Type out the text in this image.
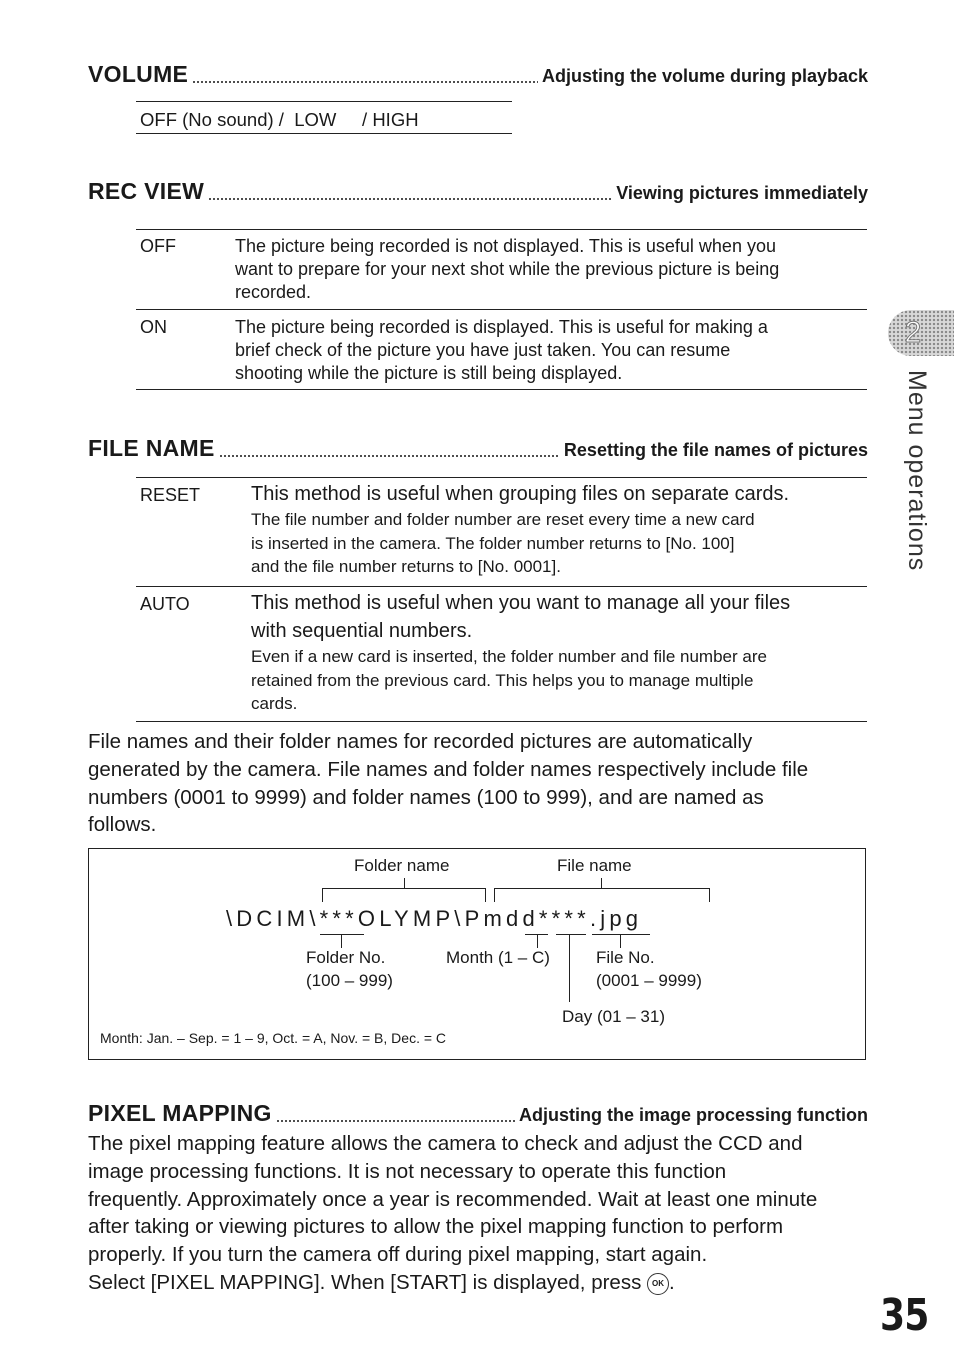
VOLUME	Adjusting the volume during playback
OFF (No sound) /  LOW     / HIGH
REC VIEW	Viewing pictures immediately
OFF	The picture being recorded is not displayed. This is useful when you
want to prepare for your next shot while the previous picture is being
recorded.
ON	The picture being recorded is displayed. This is useful for making a
brief check of the picture you have just taken. You can resume
shooting while the picture is still being displayed.
FILE NAME	Resetting the file names of pictures
RESET	This method is useful when grouping files on separate cards.
The file number and folder number are reset every time a new card
is inserted in the camera. The folder number returns to [No. 100]
and the file number returns to [No. 0001].
AUTO	This method is useful when you want to manage all your files
with sequential numbers.
Even if a new card is inserted, the folder number and file number are
retained from the previous card. This helps you to manage multiple
cards.
File names and their folder names for recorded pictures are automatically
generated by the camera. File names and folder names respectively include file
numbers (0001 to 9999) and folder names (100 to 999), and are named as
follows.
Folder name	File name
\DCIM\***OLYMP\Pmdd****.jpg
Folder No.
(100 – 999)
Month (1 – C)	File No.
(0001 – 9999)
Day (01 – 31)
Month: Jan. – Sep. = 1 – 9, Oct. = A, Nov. = B, Dec. = C
PIXEL MAPPING	Adjusting the image processing function
The pixel mapping feature allows the camera to check and adjust the CCD and
image processing functions. It is not necessary to operate this function
frequently. Approximately once a year is recommended. Wait at least one minute
after taking or viewing pictures to allow the pixel mapping function to perform
properly. If you turn the camera off during pixel mapping, start again.
Select [PIXEL MAPPING]. When [START] is displayed, press OK .
2
Menu operations
35
